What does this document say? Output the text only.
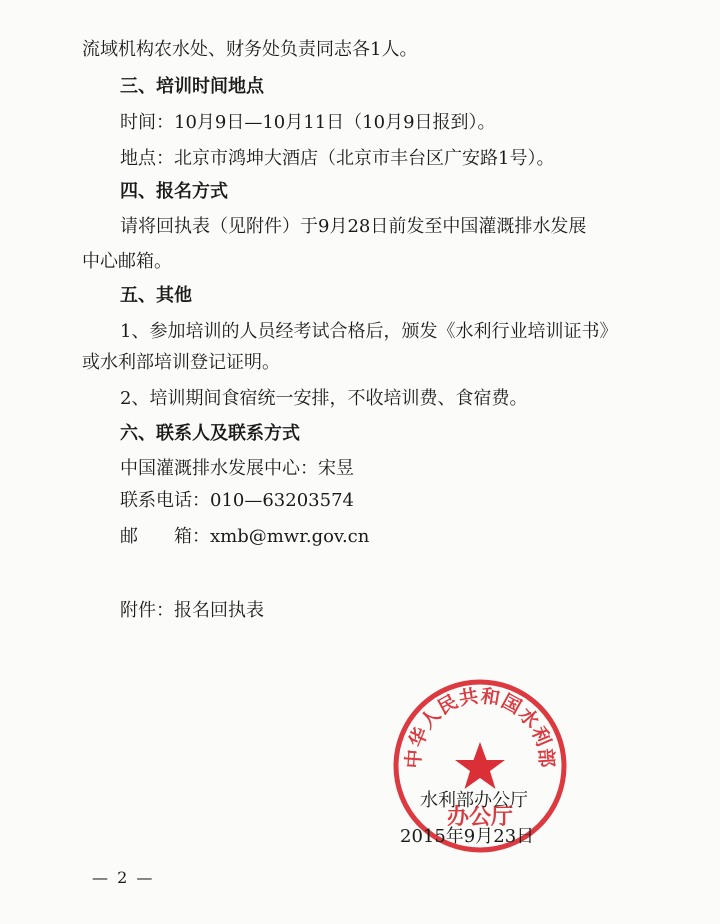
流域机构农水处、财务处负责同志各1人。
三、培训时间地点
时间：10月9日—10月11日（10月9日报到）。
地点：北京市鸿坤大酒店（北京市丰台区广安路1号）。
四、报名方式
请将回执表（见附件）于9月28日前发至中国灌溉排水发展
中心邮箱。
五、其他
1、参加培训的人员经考试合格后，颁发《水利行业培训证书》
或水利部培训登记证明。
2、培训期间食宿统一安排，不收培训费、食宿费。
六、联系人及联系方式
中国灌溉排水发展中心：宋昱
联系电话：010—63203574
邮　　箱：xmb@mwr.gov.cn
附件：报名回执表
中华人民共和国水利部
办公厅
水利部办公厅
2015年9月23日
— 2 —
